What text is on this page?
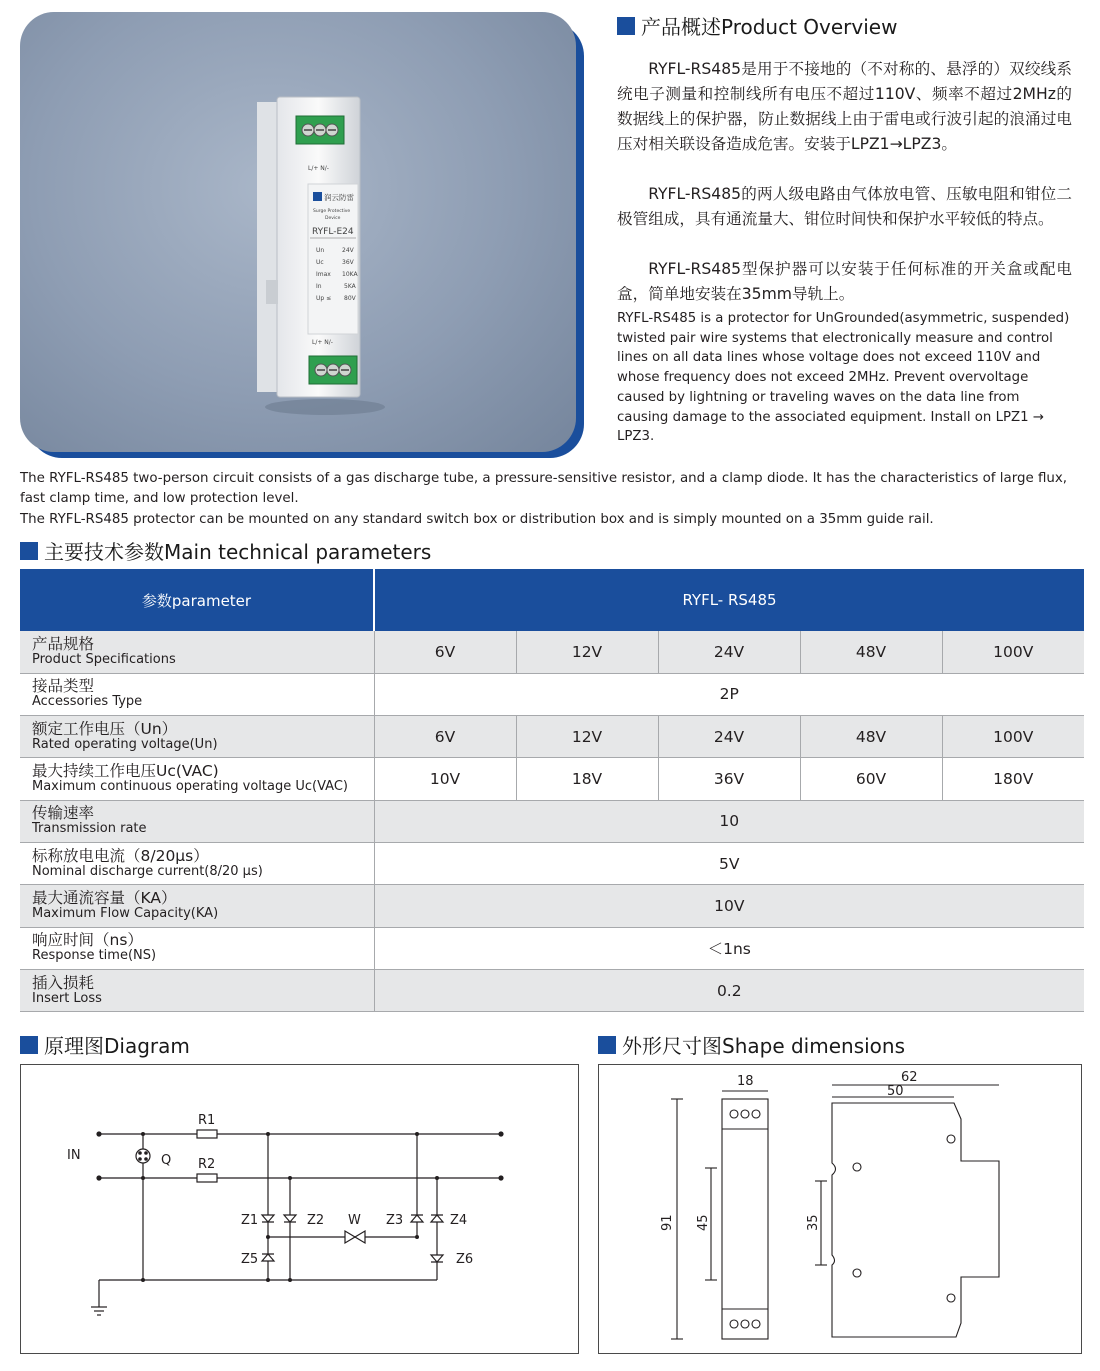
L/+ N/-
润云防雷
Surge Protective
Device
RYFL-E24
Un	24V
Uc	36V
Imax 10KA
In	5KA
Up ≤ 80V
L/+ N/-
产品概述Product Overview

RYFL-RS485是用于不接地的（不对称的、悬浮的）双绞线系统电子测量和控制线所有电压不超过110V、频率不超过2MHz的数据线上的保护器，防止数据线上由于雷电或行波引起的浪涌过电压对相关联设备造成危害。安装于LPZ1→LPZ3。

RYFL-RS485的两人级电路由气体放电管、压敏电阻和钳位二极管组成，具有通流量大、钳位时间快和保护水平较低的特点。

RYFL-RS485型保护器可以安装于任何标准的开关盒或配电盒，简单地安装在35mm导轨上。

RYFL-RS485 is a protector for UnGrounded(asymmetric, suspended) twisted pair wire systems that electronically measure and control lines on all data lines whose voltage does not exceed 110V and whose frequency does not exceed 2MHz. Prevent overvoltage caused by lightning or traveling waves on the data line from causing damage to the associated equipment. Install on LPZ1 → LPZ3.

The RYFL-RS485 two-person circuit consists of a gas discharge tube, a pressure-sensitive resistor, and a clamp diode. It has the characteristics of large flux, fast clamp time, and low protection level.

The RYFL-RS485 protector can be mounted on any standard switch box or distribution box and is simply mounted on a 35mm guide rail.

主要技术参数Main technical parameters
参数parameter	RYFL- RS485				

产品规格
Product Specifications	6V	12V	24V	48V	100V

接品类型
Accessories Type	2P				

额定工作电压（Un）
Rated operating voltage(Un)	6V	12V	24V	48V	100V

最大持续工作电压Uc(VAC)
Maximum continuous operating voltage Uc(VAC)	10V	18V	36V	60V	180V

传输速率
Transmission rate	10				

标称放电电流（8/20μs）
Nominal discharge current(8/20 μs)	5V				

最大通流容量（KA）
Maximum Flow Capacity(KA)	10V				

响应时间（ns）
Response time(NS)	＜1ns				

插入损耗
Insert Loss	0.2				
原理图Diagram	外形尺寸图Shape dimensions
IN	Q
R1
R2
Z1	Z2 W Z3	Z4
Z5	Z6
18	62
50
91 45	35
